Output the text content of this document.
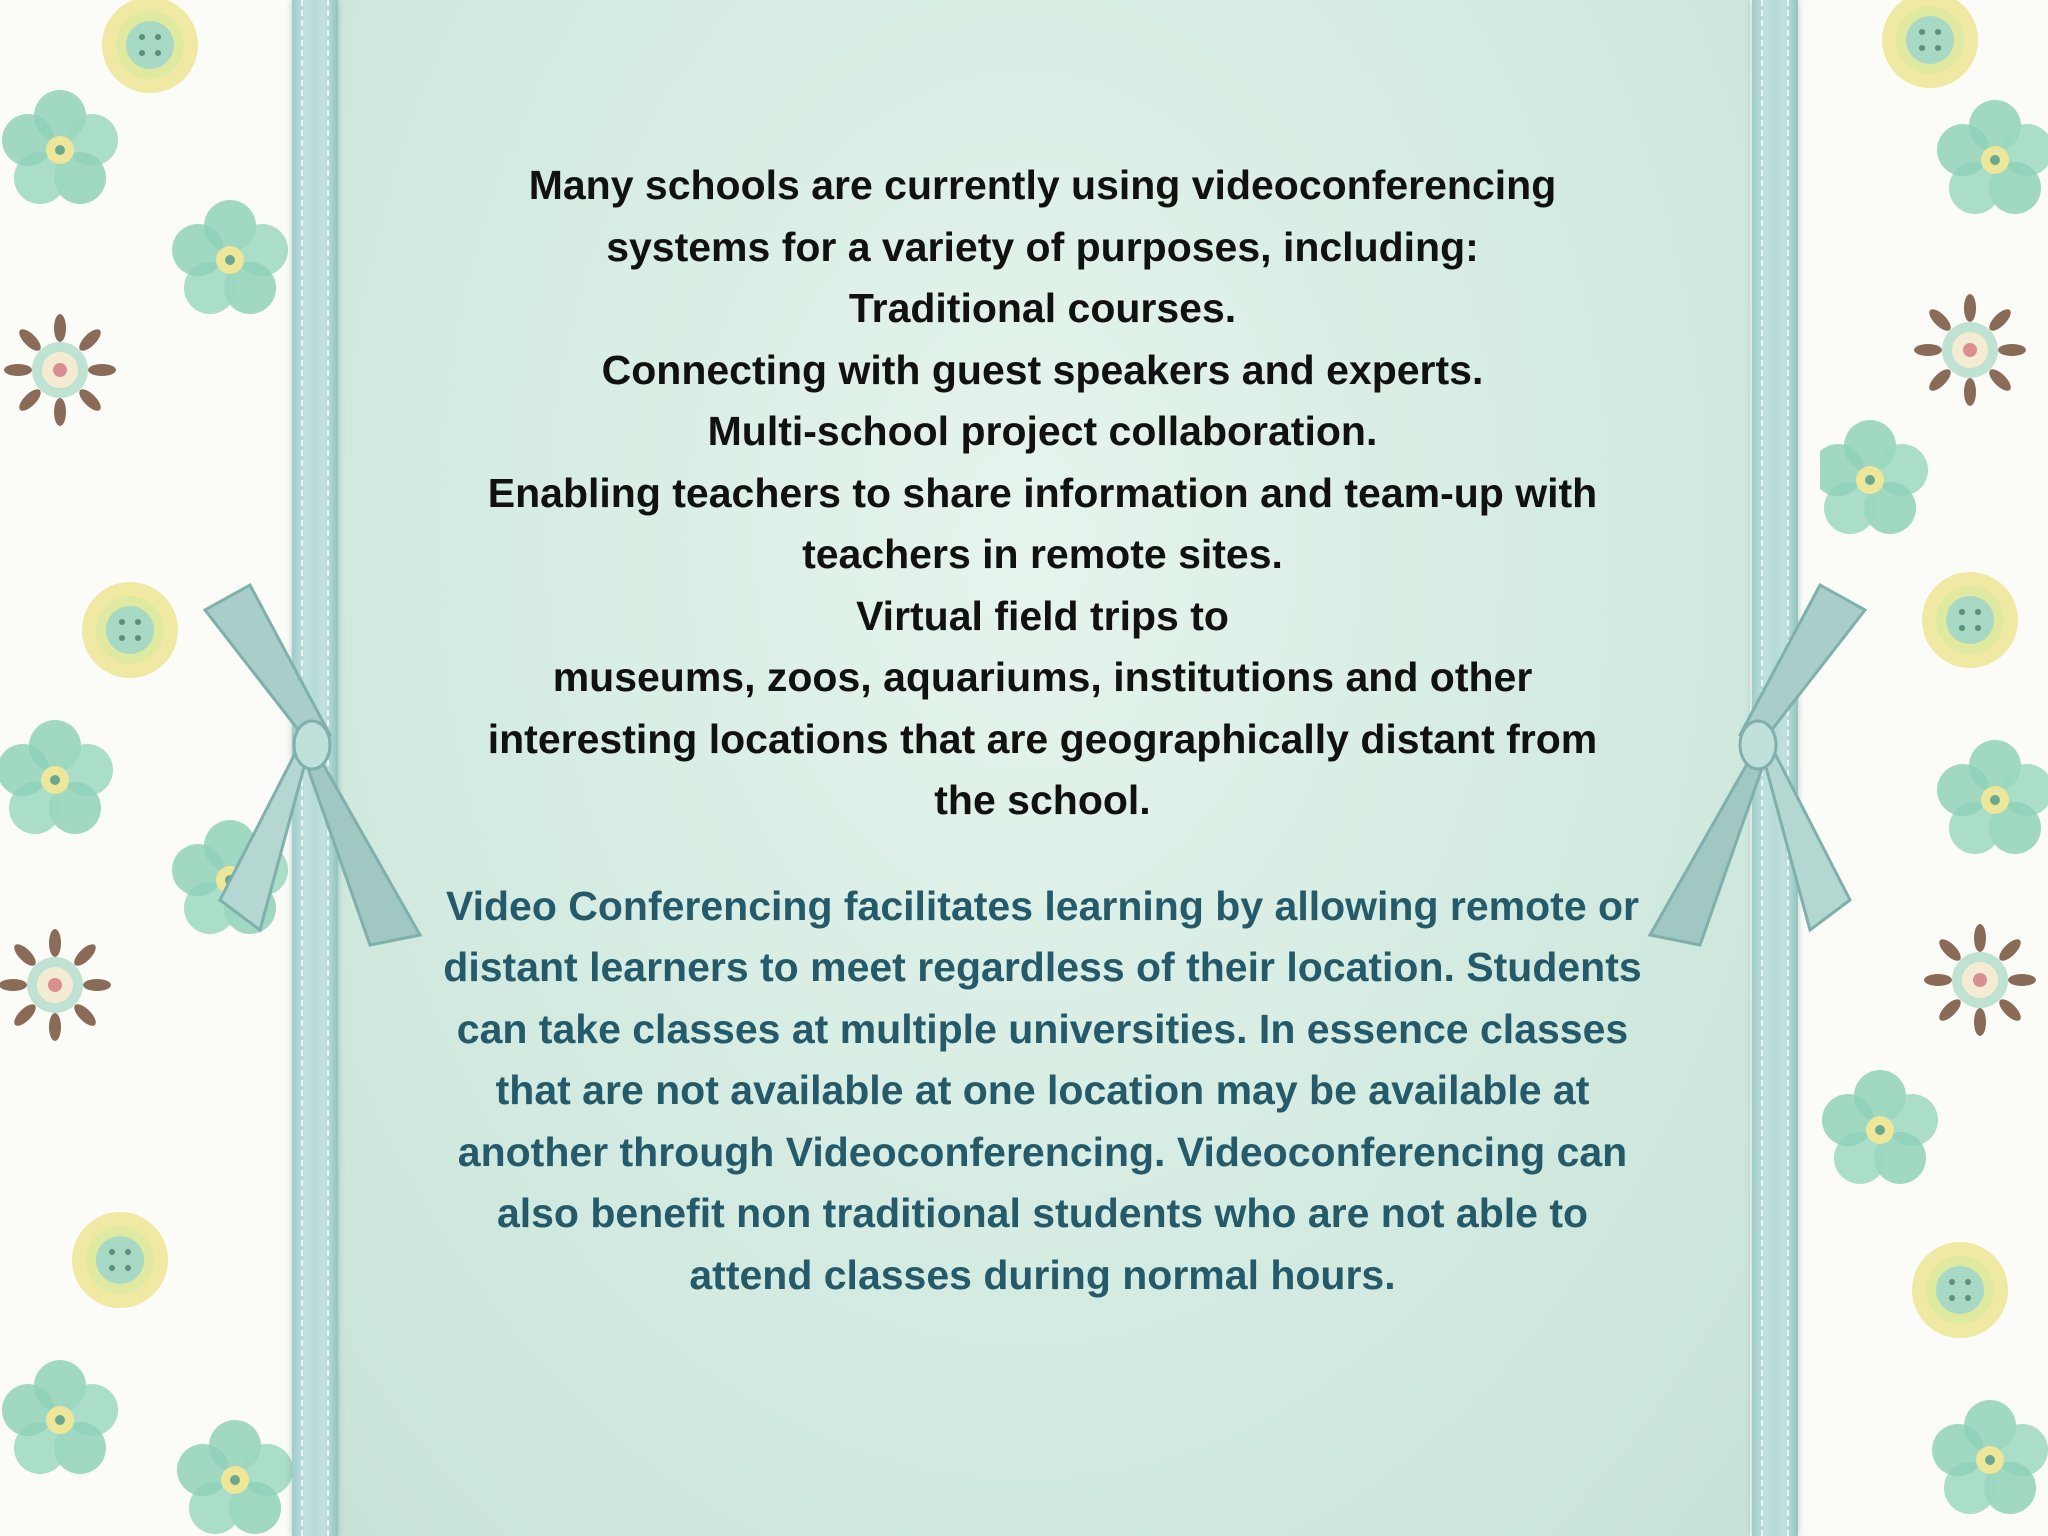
Many schools are currently using videoconferencing
systems for a variety of purposes, including:
Traditional courses.
Connecting with guest speakers and experts.
Multi-school project collaboration.
Enabling teachers to share information and team-up with
teachers in remote sites.
Virtual field trips to
museums, zoos, aquariums, institutions and other
interesting locations that are geographically distant from
the school.
Video Conferencing facilitates learning by allowing remote or distant learners to meet regardless of their location. Students can take classes at multiple universities. In essence classes that are not available at one location may be available at another through Videoconferencing. Videoconferencing can also benefit non traditional students who are not able to attend classes during normal hours.
